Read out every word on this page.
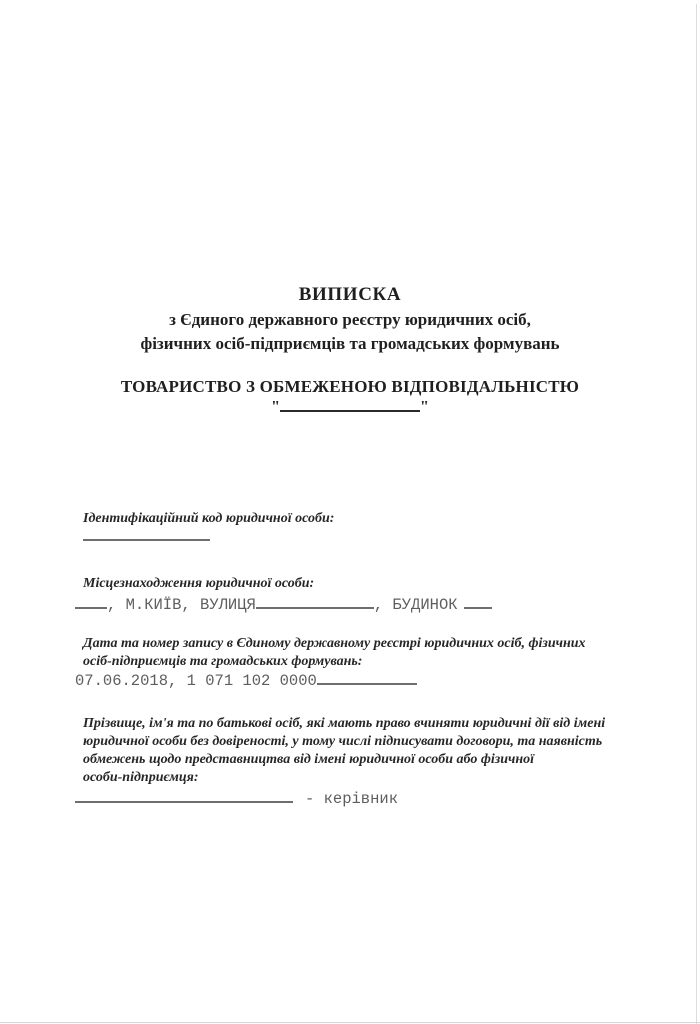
ВИПИСКА
з Єдиного державного реєстру юридичних осіб,
фізичних осіб-підприємців та громадських формувань
ТОВАРИСТВО З ОБМЕЖЕНОЮ ВІДПОВІДАЛЬНІСТЮ
"	"
Ідентифікаційний код юридичної особи:
Місцезнаходження юридичної особи:
, М.КИЇВ, ВУЛИЦЯ	, БУДИНОК
Дата та номер запису в Єдиному державному реєстрі юридичних осіб, фізичних
осіб-підприємців та громадських формувань:
07.06.2018, 1 071 102 0000
Прізвище, ім'я та по батькові осіб, які мають право вчиняти юридичні дії від імені
юридичної особи без довіреності, у тому числі підписувати договори, та наявність
обмежень щодо представництва від імені юридичної особи або фізичної
особи-підприємця:
- керівник
